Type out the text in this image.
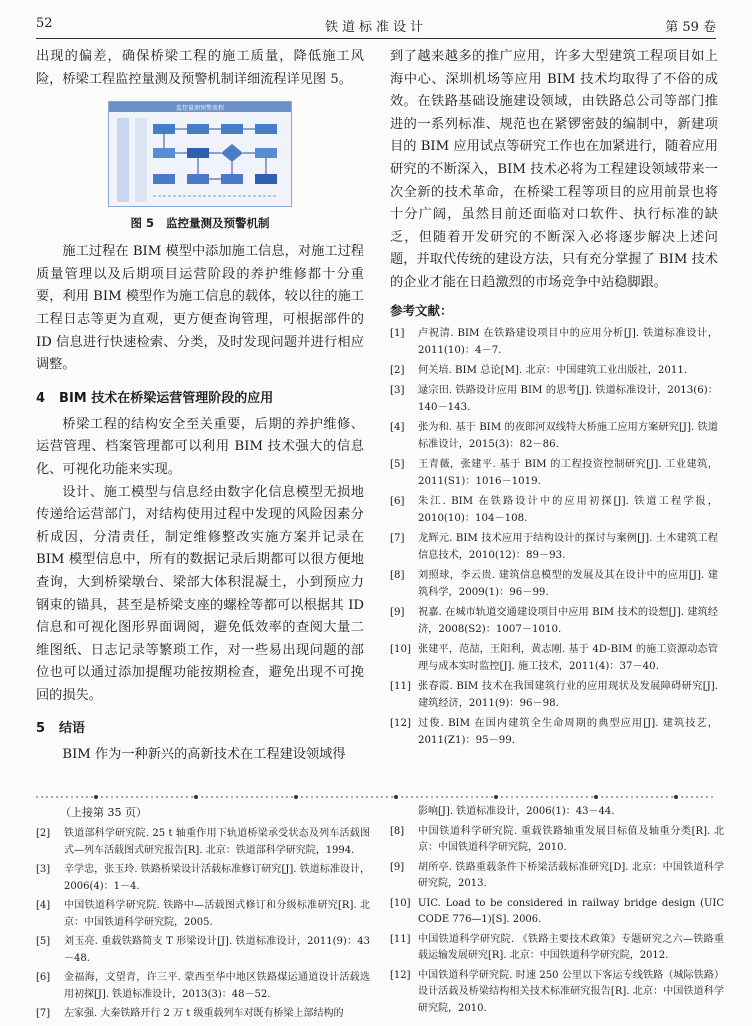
52	铁道标准设计	第 59 卷

出现的偏差，确保桥梁工程的施工质量，降低施工风险，桥梁工程监控量测及预警机制详细流程详见图 5。

监控量测预警流程
图 5 监控量测及预警机制

施工过程在 BIM 模型中添加施工信息，对施工过程质量管理以及后期项目运营阶段的养护维修都十分重要，利用 BIM 模型作为施工信息的载体，较以往的施工工程日志等更为直观，更方便查询管理，可根据部件的 ID 信息进行快速检索、分类，及时发现问题并进行相应调整。

4 BIM 技术在桥梁运营管理阶段的应用

桥梁工程的结构安全至关重要，后期的养护维修、运营管理、档案管理都可以利用 BIM 技术强大的信息化、可视化功能来实现。

设计、施工模型与信息经由数字化信息模型无损地传递给运营部门，对结构使用过程中发现的风险因素分析成因，分清责任，制定维修整改实施方案并记录在 BIM 模型信息中，所有的数据记录后期都可以很方便地查询，大到桥梁墩台、梁部大体积混凝土，小到预应力钢束的锚具，甚至是桥梁支座的螺栓等都可以根据其 ID 信息和可视化图形界面调阅，避免低效率的查阅大量二维图纸、日志记录等繁琐工作，对一些易出现问题的部位也可以通过添加提醒功能按期检查，避免出现不可挽回的损失。

5 结语

BIM 作为一种新兴的高新技术在工程建设领域得

到了越来越多的推广应用，许多大型建筑工程项目如上海中心、深圳机场等应用 BIM 技术均取得了不俗的成效。在铁路基础设施建设领域，由铁路总公司等部门推进的一系列标准、规范也在紧锣密鼓的编制中，新建项目的 BIM 应用试点等研究工作也在加紧进行，随着应用研究的不断深入，BIM 技术必将为工程建设领域带来一次全新的技术革命，在桥梁工程等项目的应用前景也将十分广阔，虽然目前还面临对口软件、执行标准的缺乏，但随着开发研究的不断深入必将逐步解决上述问题，并取代传统的建设方法，只有充分掌握了 BIM 技术的企业才能在日趋激烈的市场竞争中站稳脚跟。

参考文献：
[1]	卢祝清. BIM 在铁路建设项目中的应用分析[J]. 铁道标准设计，2011(10)：4－7.
[2]	何关培. BIM 总论[M]. 北京：中国建筑工业出版社，2011.
[3]	逯宗田. 铁路设计应用 BIM 的思考[J]. 铁道标准设计，2013(6)：140－143.
[4]	张为和. 基于 BIM 的夜郎河双线特大桥施工应用方案研究[J]. 铁道标准设计，2015(3)：82－86.
[5]	王青薇，张建平. 基于 BIM 的工程投资控制研究[J]. 工业建筑，2011(S1)：1016－1019.
[6]	朱江. BIM 在铁路设计中的应用初探[J]. 铁道工程学报，2010(10)：104－108.
[7]	龙辉元. BIM 技术应用于结构设计的探讨与案例[J]. 土木建筑工程信息技术，2010(12)：89－93.
[8]	刘照球，李云贵. 建筑信息模型的发展及其在设计中的应用[J]. 建筑科学，2009(1)：96－99.
[9]	祝嘉. 在城市轨道交通建设项目中应用 BIM 技术的设想[J]. 建筑经济，2008(S2)：1007－1010.
[10] 张建平，范喆，王阳利，黄志刚. 基于 4D-BIM 的施工资源动态管理与成本实时监控[J]. 施工技术，2011(4)：37－40.
[11] 张春霞. BIM 技术在我国建筑行业的应用现状及发展障碍研究[J]. 建筑经济，2011(9)：96－98.
[12] 过俊. BIM 在国内建筑全生命周期的典型应用[J]. 建筑技艺，2011(Z1)：95－99.
（上接第 35 页）
[2]	铁道部科学研究院. 25 t 轴重作用下轨道桥梁承受状态及列车活载图式—列车活载图式研究报告[R]. 北京：铁道部科学研究院，1994.
[3]	辛学忠，张玉玲. 铁路桥梁设计活载标准修订研究[J]. 铁道标准设计，2006(4)：1－4.
[4]	中国铁道科学研究院. 铁路中—活载图式修订和分级标准研究[R]. 北京：中国铁道科学研究院，2005.
[5]	刘玉亮. 重载铁路简支 T 形梁设计[J]. 铁道标准设计，2011(9)：43－48.
[6]	金福海，文望青，许三平. 蒙西至华中地区铁路煤运通道设计活载选用初探[J]. 铁道标准设计，2013(3)：48－52.
[7]	左家强. 大秦铁路开行 2 万 t 级重载列车对既有桥梁上部结构的
影响[J]. 铁道标准设计，2006(1)：43－44.
[8]	中国铁道科学研究院. 重载铁路轴重发展目标值及轴重分类[R]. 北京：中国铁道科学研究院，2010.
[9]	胡所亭. 铁路重载条件下桥梁活载标准研究[D]. 北京：中国铁道科学研究院，2013.
[10] UIC. Load to be considered in railway bridge design (UIC CODE 776—1)[S]. 2006.
[11] 中国铁道科学研究院. 《铁路主要技术政策》专题研究之六—铁路重载运输发展研究[R]. 北京：中国铁道科学研究院，2012.
[12] 中国铁道科学研究院. 时速 250 公里以下客运专线铁路（城际铁路）设计活载及桥梁结构相关技术标准研究报告[R]. 北京：中国铁道科学研究院，2010.
